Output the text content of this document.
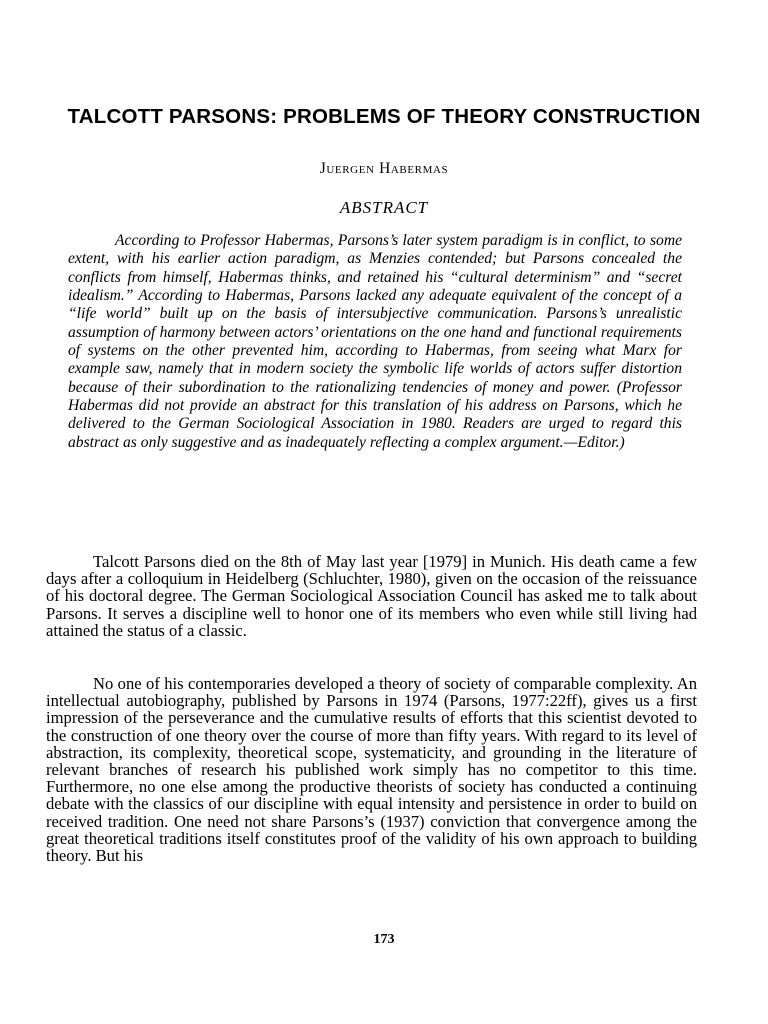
TALCOTT PARSONS: PROBLEMS OF THEORY CONSTRUCTION
Juergen Habermas
ABSTRACT

According to Professor Habermas, Parsons’s later system paradigm is in conflict, to some extent, with his earlier action paradigm, as Menzies contended; but Parsons concealed the conflicts from himself, Habermas thinks, and retained his “cultural determinism” and “secret idealism.” According to Habermas, Parsons lacked any adequate equivalent of the concept of a “life world” built up on the basis of intersubjective communication. Parsons’s unrealistic assumption of harmony between actors’ orientations on the one hand and functional requirements of systems on the other prevented him, according to Habermas, from seeing what Marx for example saw, namely that in modern society the symbolic life worlds of actors suffer distortion because of their subordination to the rationalizing tendencies of money and power. (Professor Habermas did not provide an abstract for this translation of his address on Parsons, which he delivered to the German Sociological Association in 1980. Readers are urged to regard this abstract as only suggestive and as inadequately reflecting a complex argument.—Editor.)

Talcott Parsons died on the 8th of May last year [1979] in Munich. His death came a few days after a colloquium in Heidelberg (Schluchter, 1980), given on the occasion of the reissuance of his doctoral degree. The German Sociological Association Council has asked me to talk about Parsons. It serves a discipline well to honor one of its members who even while still living had attained the status of a classic.

No one of his contemporaries developed a theory of society of comparable complexity. An intellectual autobiography, published by Parsons in 1974 (Parsons, 1977:22ff), gives us a first impression of the perseverance and the cumulative results of efforts that this scientist devoted to the construction of one theory over the course of more than fifty years. With regard to its level of abstraction, its complexity, theoretical scope, systematicity, and grounding in the literature of relevant branches of research his published work simply has no competitor to this time. Furthermore, no one else among the productive theorists of society has conducted a continuing debate with the classics of our discipline with equal intensity and persistence in order to build on received tradition. One need not share Parsons’s (1937) conviction that convergence among the great theoretical traditions itself constitutes proof of the validity of his own approach to building theory. But his

173
